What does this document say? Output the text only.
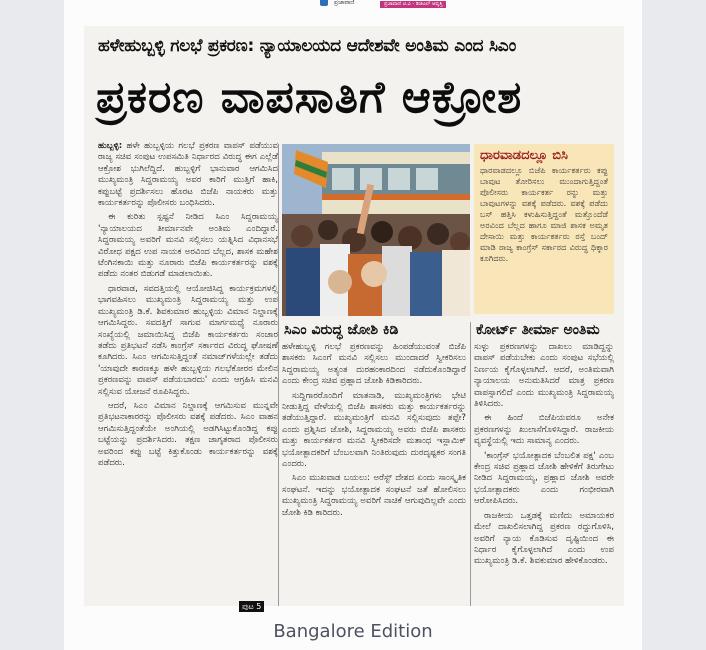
ಪ್ರಜಾವಾಣಿ	ಪ್ರಜಾವಾಣಿ ಟಿ.ವಿ - ಡಿಜಿಟಲ್ ಆವೃತ್ತಿ
ಹಳೇಹುಬ್ಬಳ್ಳಿ ಗಲಭೆ ಪ್ರಕರಣ: ನ್ಯಾಯಾಲಯದ ಆದೇಶವೇ ಅಂತಿಮ ಎಂದ ಸಿಎಂ
ಪ್ರಕರಣ ವಾಪಸಾತಿಗೆ ಆಕ್ರೋಶ

ಹುಬ್ಬಳ್ಳಿ: ಹಳೇ ಹುಬ್ಬಳ್ಳಿಯ ಗಲಭೆ ಪ್ರಕರಣ ವಾಪಸ್ ಪಡೆಯುವ ರಾಜ್ಯ ಸಚಿವ ಸಂಪುಟ ಉಪಸಮಿತಿ ನಿರ್ಧಾರದ ವಿರುದ್ಧ ಈಗ ಎಲ್ಲೆಡೆ ಆಕ್ರೋಶ ಭುಗಿಲೆದ್ದಿದೆ. ಹುಬ್ಬಳ್ಳಿಗೆ ಭಾನುವಾರ ಆಗಮಿಸಿದ ಮುಖ್ಯಮಂತ್ರಿ ಸಿದ್ದರಾಮಯ್ಯ ಅವರ ಕಾರಿಗೆ ಮುತ್ತಿಗೆ ಹಾಕಿ, ಕಪ್ಪುಬಟ್ಟೆ ಪ್ರದರ್ಶಿಸಲು ಹೊರಟ ಬಿಜೆಪಿ ನಾಯಕರು ಮತ್ತು ಕಾರ್ಯಕರ್ತರನ್ನು ಪೊಲೀಸರು ಬಂಧಿಸಿದರು.

ಈ ಕುರಿತು ಸ್ಪಷ್ಟನೆ ನೀಡಿದ ಸಿಎಂ ಸಿದ್ದರಾಮಯ್ಯ 'ನ್ಯಾಯಾಲಯದ ತೀರ್ಮಾನವೇ ಅಂತಿಮ ಎಂದಿದ್ದಾರೆ. ಸಿದ್ದರಾಮಯ್ಯ ಅವರಿಗೆ ಮನವಿ ಸಲ್ಲಿಸಲು ಯತ್ನಿಸಿದ ವಿಧಾನಸಭೆ ವಿರೋಧ ಪಕ್ಷದ ಉಪ ನಾಯಕ ಅರವಿಂದ ಬೆಲ್ಲದ, ಶಾಸಕ ಮಹೇಶ ಟೆಂಗಿನಕಾಯಿ ಮತ್ತು ನೂರಾರು ಬಿಜೆಪಿ ಕಾರ್ಯಕರ್ತರನ್ನು ವಶಕ್ಕೆ ಪಡೆದು ನಂತರ ಬಿಡುಗಡೆ ಮಾಡಲಾಯಿತು.

ಧಾರವಾಡ, ಸವದತ್ತಿಯಲ್ಲಿ ಆಯೋಜಿಸಿದ್ದ ಕಾರ್ಯಕ್ರಮಗಳಲ್ಲಿ ಭಾಗವಹಿಸಲು ಮುಖ್ಯಮಂತ್ರಿ ಸಿದ್ದರಾಮಯ್ಯ ಮತ್ತು ಉಪ ಮುಖ್ಯಮಂತ್ರಿ ಡಿ.ಕೆ. ಶಿವಕುಮಾರ ಹುಬ್ಬಳ್ಳಿಯ ವಿಮಾನ ನಿಲ್ದಾಣಕ್ಕೆ ಆಗಮಿಸಿದ್ದರು. ಸವದತ್ತಿಗೆ ಸಾಗುವ ಮಾರ್ಗಮಧ್ಯೆ ನೂರಾರು ಸಂಖ್ಯೆಯಲ್ಲಿ ಜಮಾಯಿಸಿದ್ದ ಬಿಜೆಪಿ ಕಾರ್ಯಕರ್ತರು ಸಂಚಾರ ತಡೆದು ಪ್ರತಿಭಟನೆ ನಡೆಸಿ ಕಾಂಗ್ರೆಸ್ ಸರ್ಕಾರದ ವಿರುದ್ಧ ಘೋಷಣೆ ಕೂಗಿದರು. ಸಿಎಂ ಆಗಮಿಸುತ್ತಿದ್ದಂತೆ ನಮಾಜ್‌ಗಳೆಯಲ್ಲೇ ತಡೆದು 'ಯಾವುದೇ ಕಾರಣಕ್ಕೂ ಹಳೇ ಹುಬ್ಬಳ್ಳಿಯ ಗಲಭೆಕೋರರ ಮೇಲಿನ ಪ್ರಕರಣವನ್ನು ವಾಪಸ್ ಪಡೆಯಬಾರದು' ಎಂದು ಆಗ್ರಹಿಸಿ ಮನವಿ ಸಲ್ಲಿಸುವ ಯೋಜನೆ ರೂಪಿಸಿದ್ದರು.

ಆದರೆ, ಸಿಎಂ ವಿಮಾನ ನಿಲ್ದಾಣಕ್ಕೆ ಆಗಮಿಸುವ ಮುನ್ನವೇ ಪ್ರತಿಭಟನಾಕಾರರನ್ನು ಪೊಲೀಸರು ವಶಕ್ಕೆ ಪಡೆದರು. ಸಿಎಂ ವಾಹನ ಆಗಮಿಸುತ್ತಿದ್ದಂತೆಯೇ ಅಂಗಿಯಲ್ಲಿ ಅಡಗಿಸಿಟ್ಟುಕೊಂಡಿದ್ದ ಕಪ್ಪು ಬಟ್ಟೆಯನ್ನು ಪ್ರದರ್ಶಿಸಿದರು. ತಕ್ಷಣ ಜಾಗೃತರಾದ ಪೊಲೀಸರು ಅವರಿಂದ ಕಪ್ಪು ಬಟ್ಟೆ ಕಿತ್ತುಕೊಂಡು ಕಾರ್ಯಕರ್ತರನ್ನು ವಶಕ್ಕೆ ಪಡೆದರು.

ಪುಟ 5
ಧಾರವಾಡದಲ್ಲೂ ಬಿಸಿ
ಧಾರವಾಡದಲ್ಲೂ ಬಿಜೆಪಿ ಕಾರ್ಯಕರ್ತರು ಕಪ್ಪು ಬಾವುಟ ತೋರಿಸಲು ಮುಂದಾಗುತ್ತಿದ್ದಂತೆ ಪೊಲೀಸರು ಕಾರ್ಯಕರ್ತ ರನ್ನು ಮತ್ತು ಬಾವುಟಗಳನ್ನು ವಶಕ್ಕೆ ಪಡೆದರು. ವಶಕ್ಕೆ ಪಡೆದು ಬಸ್ ಹತ್ತಿಸಿ ಕಳುಹಿಸುತ್ತಿದ್ದಂತೆ ಮತ್ತೊಂದೆಡೆ ಅರವಿಂದ ಬೆಲ್ಲದ ಹಾಗೂ ಮಾಜಿ ಶಾಸಕ ಅಮೃತ ದೇಸಾಯಿ ಮತ್ತು ಕಾರ್ಯಕರ್ತರು ರಸ್ತೆ ಬಂದ್ ಮಾಡಿ ರಾಜ್ಯ ಕಾಂಗ್ರೆಸ್ ಸರ್ಕಾರದ ವಿರುದ್ಧ ಧಿಕ್ಕಾರ ಕೂಗಿದರು.
ಸಿಎಂ ವಿರುದ್ಧ ಜೋಶಿ ಕಿಡಿ

ಹಳೇಹುಬ್ಬಳ್ಳಿ ಗಲಭೆ ಪ್ರಕರಣವನ್ನು ಹಿಂಪಡೆಯುವಂತೆ ಬಿಜೆಪಿ ಶಾಸಕರು ಸಿಎಂಗೆ ಮನವಿ ಸಲ್ಲಿಸಲು ಮುಂದಾದರೆ ಸ್ವೀಕರಿಸಲು ಸಿದ್ದರಾಮಯ್ಯ ಅತ್ಯಂತ ದುರಹಂಕಾರದಿಂದ ನಡೆದುಕೊಂಡಿದ್ದಾರೆ ಎಂದು ಕೇಂದ್ರ ಸಚಿವ ಪ್ರಹ್ಲಾದ ಜೋಶಿ ಕಿಡಿಕಾರಿದರು.

ಸುದ್ದಿಗಾರರೊಂದಿಗೆ ಮಾತನಾಡಿ, ಮುಖ್ಯಮಂತ್ರಿಗಳು ಭೇಟಿ ನೀಡುತ್ತಿದ್ದ ವೇಳೆಯಲ್ಲಿ ಬಿಜೆಪಿ ಶಾಸಕರು ಮತ್ತು ಕಾರ್ಯಕರ್ತರನ್ನು ತಡೆಯುತ್ತಿದ್ದಾರೆ. ಮುಖ್ಯಮಂತ್ರಿಗೆ ಮನವಿ ಸಲ್ಲಿಸುವುದು ತಪ್ಪೇ? ಎಂದು ಪ್ರಶ್ನಿಸಿದ ಜೋಶಿ, ಸಿದ್ದರಾಮಯ್ಯ ಅವರು ಬಿಜೆಪಿ ಶಾಸಕರು ಮತ್ತು ಕಾರ್ಯಕರ್ತರ ಮನವಿ ಸ್ವೀಕರಿಸದೇ ಮತಾಂಧ ಇಸ್ಲಾಮಿಕ್ ಭಯೋತ್ಪಾದಕರಿಗೆ ಬೆಂಬಲವಾಗಿ ನಿಂತಿರುವುದು ದುರದೃಷ್ಟಕರ ಸಂಗತಿ ಎಂದರು.

ಸಿಎಂ ಮುಖವಾಡ ಬಯಲು: ಅರೆಸ್ಟ್ ದೇಶದ ಏಂದು ಸಾಂಸ್ಕೃತಿಕ ಸಂಘಟನೆ. ಇದನ್ನು ಭಯೋತ್ಪಾದಕ ಸಂಘಟನೆ ಜತೆ ಹೋಲಿಸಲು ಮುಖ್ಯಮಂತ್ರಿ ಸಿದ್ದರಾಮಯ್ಯ ಅವರಿಗೆ ನಾಚಿಕೆ ಆಗುವುದಿಲ್ಲವೇ ಎಂದು ಜೋಶಿ ಕಿಡಿ ಕಾರಿದರು.

ಕೋರ್ಟ್ ತೀರ್ಮಾ ಅಂತಿಮ

ಸುಳ್ಳು ಪ್ರಕರಣಗಳನ್ನು ದಾಖಲು ಮಾಡಿದ್ದನ್ನು ವಾಪಸ್ ಪಡೆಯಬೇಕು ಎಂದು ಸಂಪುಟ ಸಭೆಯಲ್ಲಿ ನಿರ್ಣಯ ಕೈಗೊಳ್ಳಲಾಗಿದೆ. ಆದರೆ, ಅಂತಿಮವಾಗಿ ನ್ಯಾಯಾಲಯ ಅನುಮತಿಸಿದರೆ ಮಾತ್ರ ಪ್ರಕರಣ ವಾಪಸ್ಸಾಗಲಿದೆ ಎಂದು ಮುಖ್ಯಮಂತ್ರಿ ಸಿದ್ದರಾಮಯ್ಯ ತಿಳಿಸಿದರು.

ಈ ಹಿಂದೆ ಬಿಜೆಪಿಯವರೂ ಅನೇಕ ಪ್ರಕರಣಗಳನ್ನು ಖುಲಾಸೆಗೊಳಿಸಿದ್ದಾರೆ. ರಾಜಕೀಯ ವ್ಯವಸ್ಥೆಯಲ್ಲಿ ಇದು ಸಾಮಾನ್ಯ ಎಂದರು.

'ಕಾಂಗ್ರೆಸ್ ಭಯೋತ್ಪಾದಕ ಬೆಂಬಲಿತ ಪಕ್ಷ' ಎಂಬ ಕೇಂದ್ರ ಸಚಿವ ಪ್ರಹ್ಲಾದ ಜೋಶಿ ಹೇಳಿಕೆಗೆ ತಿರುಗೇಟು ನೀಡಿದ ಸಿದ್ದರಾಮಯ್ಯ, ಪ್ರಹ್ಲಾದ ಜೋಶಿ ಅವರೇ ಭಯೋತ್ಪಾದಕರು ಎಂದು ಗಂಭೀರವಾಗಿ ಆರೋಪಿಸಿದರು.

ರಾಜಕೀಯ ಒತ್ತಡಕ್ಕೆ ಮಣಿದು ಅಮಾಯಕರ ಮೇಲೆ ದಾಖಲಿಸಲಾಗಿದ್ದ ಪ್ರಕರಣ ರದ್ದುಗೊಳಿಸಿ, ಅವರಿಗೆ ನ್ಯಾಯ ಕೊಡಿಸುವ ದೃಷ್ಟಿಯಿಂದ ಈ ನಿರ್ಧಾರ ಕೈಗೊಳ್ಳಲಾಗಿದೆ ಎಂದು ಉಪ ಮುಖ್ಯಮಂತ್ರಿ ಡಿ.ಕೆ. ಶಿವಕುಮಾರ ಹೇಳಿಕೊಂಡರು.

Bangalore Edition
